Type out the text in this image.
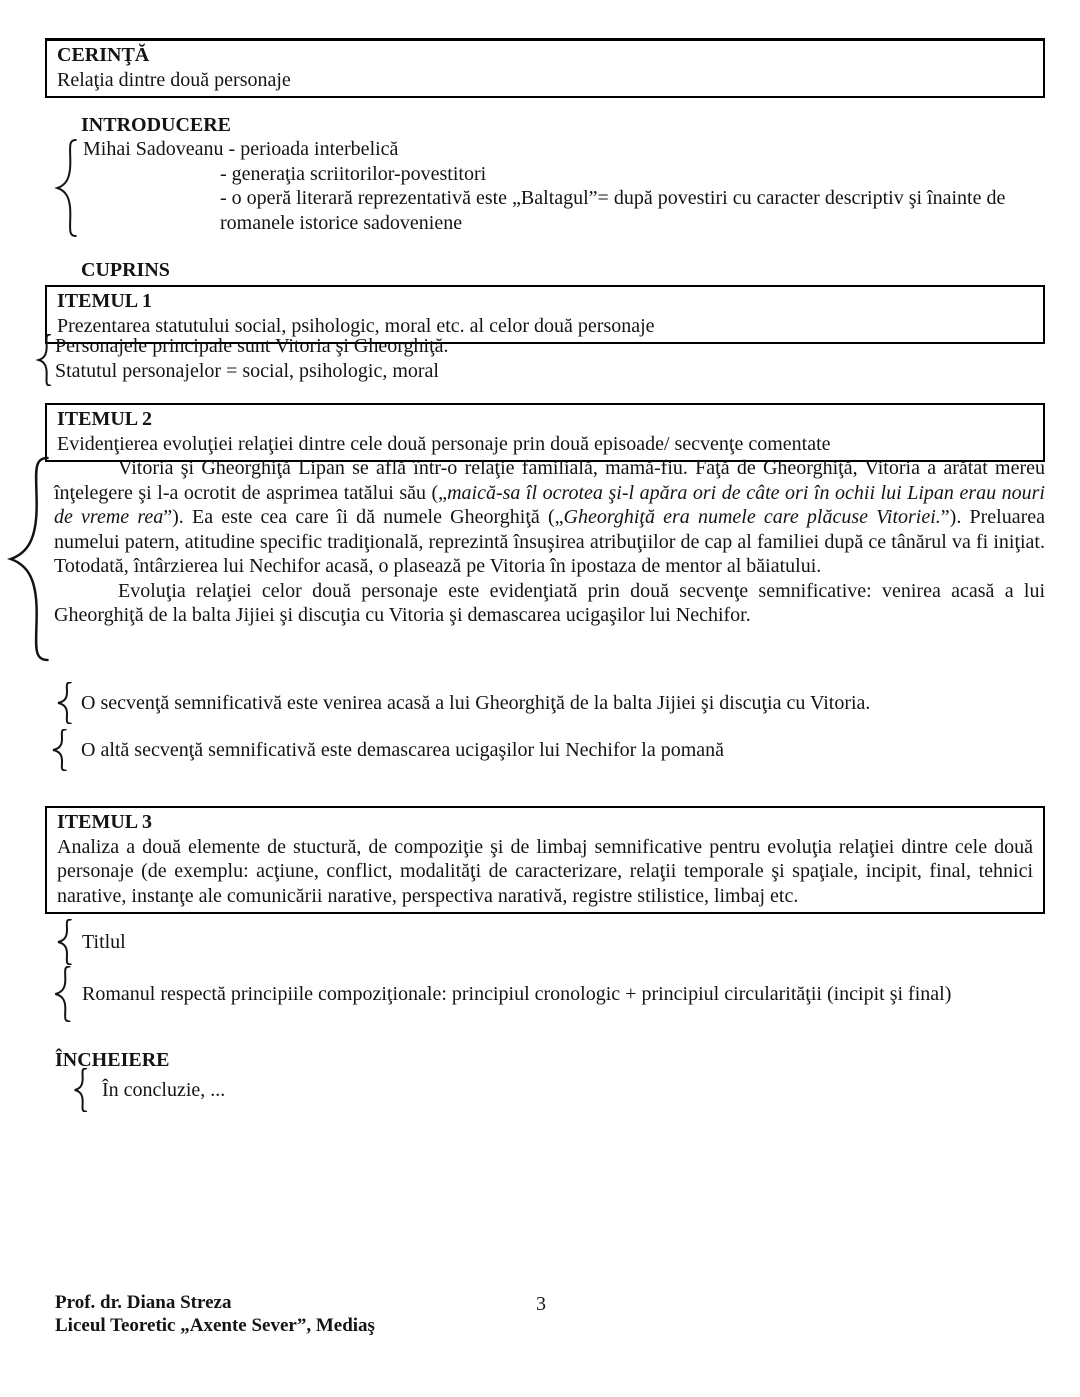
CERINŢĂ
Relaţia dintre două personaje
INTRODUCERE
Mihai Sadoveanu - perioada interbelică
- generaţia scriitorilor-povestitori
- o operă literară reprezentativă este „Baltagul”= după povestiri cu caracter descriptiv şi înainte de romanele istorice sadoveniene
CUPRINS
ITEMUL 1
Prezentarea statutului social, psihologic, moral etc. al celor două personaje
Personajele principale sunt Vitoria şi Gheorghiţă.
Statutul personajelor = social, psihologic, moral
ITEMUL 2
Evidenţierea evoluţiei relaţiei dintre cele două personaje prin două episoade/ secvenţe comentate

Vitoria şi Gheorghiţă Lipan se află într-o relaţie familială, mamă-fiu. Faţă de Gheorghiţă, Vitoria a arătat mereu înţelegere şi l-a ocrotit de asprimea tatălui său („maică-sa îl ocrotea şi-l apăra ori de câte ori în ochii lui Lipan erau nouri de vreme rea”). Ea este cea care îi dă numele Gheorghiţă („Gheorghiţă era numele care plăcuse Vitoriei.”). Preluarea numelui patern, atitudine specific tradiţională, reprezintă însuşirea atribuţiilor de cap al familiei după ce tânărul va fi iniţiat. Totodată, întârzierea lui Nechifor acasă, o plasează pe Vitoria în ipostaza de mentor al băiatului.

Evoluţia relaţiei celor două personaje este evidenţiată prin două secvenţe semnificative: venirea acasă a lui Gheorghiţă de la balta Jijiei şi discuţia cu Vitoria şi demascarea ucigaşilor lui Nechifor.

O secvenţă semnificativă este venirea acasă a lui Gheorghiţă de la balta Jijiei şi discuţia cu Vitoria.
O altă secvenţă semnificativă este demascarea ucigaşilor lui Nechifor la pomană
ITEMUL 3
Analiza a două elemente de stuctură, de compoziţie şi de limbaj semnificative pentru evoluţia relaţiei dintre cele două personaje (de exemplu: acţiune, conflict, modalităţi de caracterizare, relaţii temporale şi spaţiale, incipit, final, tehnici narative, instanţe ale comunicării narative, perspectiva narativă, registre stilistice, limbaj etc.
Titlul
Romanul respectă principiile compoziţionale: principiul cronologic + principiul circularităţii (incipit şi final)
ÎNCHEIERE
În concluzie, ...
Prof. dr. Diana Streza
Liceul Teoretic „Axente Sever”, Mediaş
3
